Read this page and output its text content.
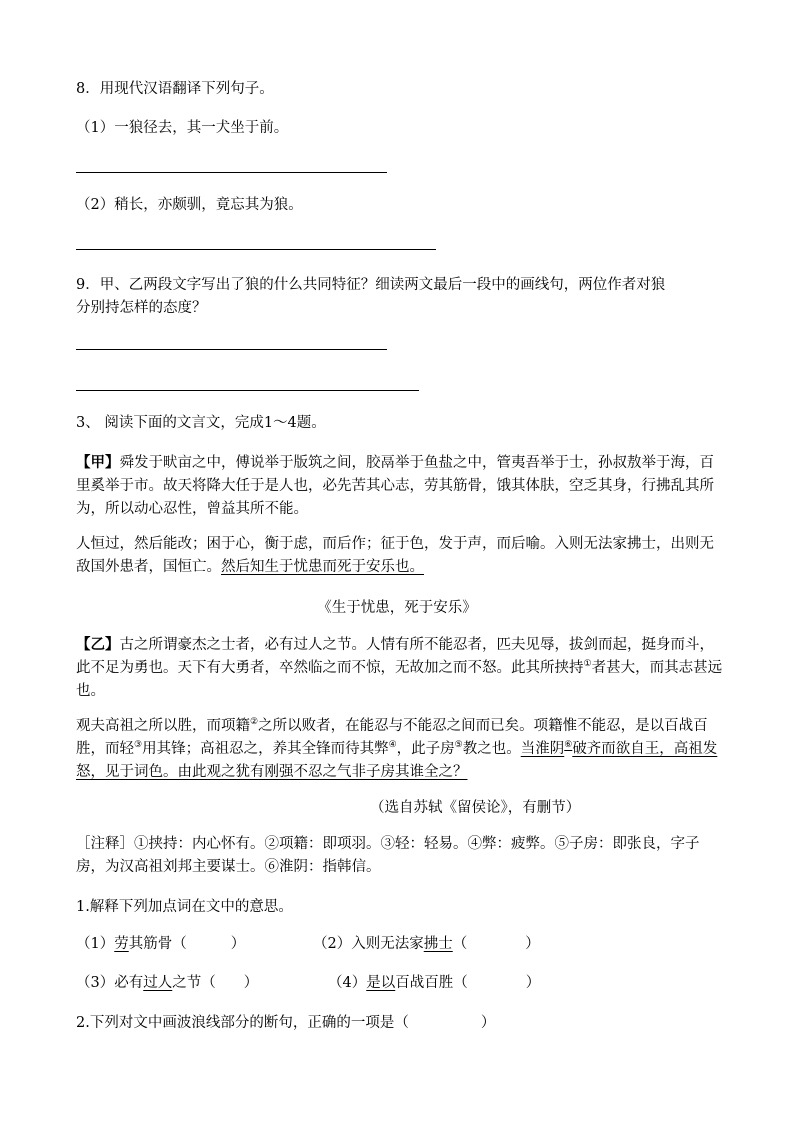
8．用现代汉语翻译下列句子。
（1）一狼径去，其一犬坐于前。
（2）稍长，亦颇驯，竟忘其为狼。
9．甲、乙两段文字写出了狼的什么共同特征？细读两文最后一段中的画线句，两位作者对狼
分别持怎样的态度？
3、 阅读下面的文言文，完成1～4题。
【甲】舜发于畎亩之中，傅说举于版筑之间，胶鬲举于鱼盐之中，管夷吾举于士，孙叔敖举于海，百里奚举于市。故天将降大任于是人也，必先苦其心志，劳其筋骨，饿其体肤，空乏其身，行拂乱其所为，所以动心忍性，曾益其所不能。
人恒过，然后能改；困于心，衡于虑，而后作；征于色，发于声，而后喻。入则无法家拂士，出则无敌国外患者，国恒亡。然后知生于忧患而死于安乐也。
《生于忧患，死于安乐》
【乙】古之所谓豪杰之士者，必有过人之节。人情有所不能忍者，匹夫见辱，拔剑而起，挺身而斗，此不足为勇也。天下有大勇者，卒然临之而不惊，无故加之而不怒。此其所挟持①者甚大，而其志甚远也。
观夫高祖之所以胜，而项籍②之所以败者，在能忍与不能忍之间而已矣。项籍惟不能忍，是以百战百胜，而轻③用其锋；高祖忍之，养其全锋而待其弊④，此子房⑤教之也。当淮阴⑥破齐而欲自王，高祖发怒，见于词色。由此观之犹有刚强不忍之气非子房其谁全之？
（选自苏轼《留侯论》，有删节）
［注释］①挟持：内心怀有。②项籍：即项羽。③轻：轻易。④弊：疲弊。⑤子房：即张良，字子房，为汉高祖刘邦主要谋士。⑥淮阴：指韩信。
1.解释下列加点词在文中的意思。
（1）劳其筋骨（	）	（2）入则无法家拂士（	）
（3）必有过人之节（ ）	（4）是以百战百胜（	）
2.下列对文中画波浪线部分的断句，正确的一项是（	）
